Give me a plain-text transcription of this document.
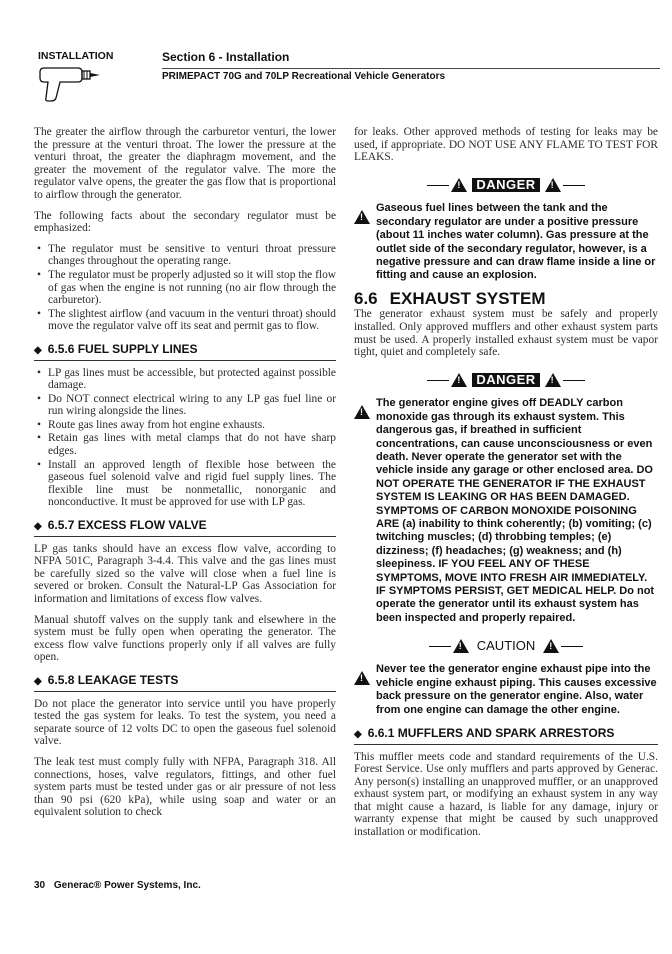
INSTALLATION	Section 6 - Installation
PRIMEPACT 70G and 70LP Recreational Vehicle Generators

The greater the airflow through the carburetor venturi, the lower the pressure at the venturi throat. The lower the pressure at the venturi throat, the greater the diaphragm movement, and the greater the movement of the regulator valve. The more the regulator valve opens, the greater the gas flow that is proportional to airflow through the generator.

The following facts about the secondary regulator must be emphasized:

• The regulator must be sensitive to venturi throat pressure changes throughout the operating range.
• The regulator must be properly adjusted so it will stop the flow of gas when the engine is not running (no air flow through the carburetor).
• The slightest airflow (and vacuum in the venturi throat) should move the regulator valve off its seat and permit gas to flow.
◆ 6.5.6 FUEL SUPPLY LINES
• LP gas lines must be accessible, but protected against possible damage.
• Do NOT connect electrical wiring to any LP gas fuel line or run wiring alongside the lines.
• Route gas lines away from hot engine exhausts.
• Retain gas lines with metal clamps that do not have sharp edges.
• Install an approved length of flexible hose between the gaseous fuel solenoid valve and rigid fuel supply lines. The flexible line must be nonmetallic, nonorganic and nonconductive. It must be approved for use with LP gas.
◆ 6.5.7 EXCESS FLOW VALVE

LP gas tanks should have an excess flow valve, according to NFPA 501C, Paragraph 3-4.4. This valve and the gas lines must be carefully sized so the valve will close when a fuel line is severed or broken. Consult the Natural-LP Gas Association for information and limitations of excess flow valves.

Manual shutoff valves on the supply tank and elsewhere in the system must be fully open when operating the generator. The excess flow valve functions properly only if all valves are fully open.

◆ 6.5.8 LEAKAGE TESTS

Do not place the generator into service until you have properly tested the gas system for leaks. To test the system, you need a separate source of 12 volts DC to open the gaseous fuel solenoid valve.

The leak test must comply fully with NFPA, Paragraph 318. All connections, hoses, valve regulators, fittings, and other fuel system parts must be tested under gas or air pressure of not less than 90 psi (620 kPa), while using soap and water or an equivalent solution to check

for leaks. Other approved methods of testing for leaks may be used, if appropriate. DO NOT USE ANY FLAME TO TEST FOR LEAKS.

!
DANGER
!
!
Gaseous fuel lines between the tank and the secondary regulator are under a positive pressure (about 11 inches water column). Gas pressure at the outlet side of the secondary regulator, however, is a negative pressure and can draw flame inside a line or fitting and cause an explosion.
6.6 EXHAUST SYSTEM

The generator exhaust system must be safely and properly installed. Only approved mufflers and other exhaust system parts must be used. A properly installed exhaust system must be vapor tight, quiet and completely safe.

!
DANGER
!
!
The generator engine gives off DEADLY carbon monoxide gas through its exhaust system. This dangerous gas, if breathed in sufficient concentrations, can cause unconsciousness or even death. Never operate the generator set with the vehicle inside any garage or other enclosed area. DO NOT OPERATE THE GENERATOR IF THE EXHAUST SYSTEM IS LEAKING OR HAS BEEN DAMAGED. SYMPTOMS OF CARBON MONOXIDE POISONING ARE (a) inability to think coherently; (b) vomiting; (c) twitching muscles; (d) throbbing temples; (e) dizziness; (f) headaches; (g) weakness; and (h) sleepiness. IF YOU FEEL ANY OF THESE SYMPTOMS, MOVE INTO FRESH AIR IMMEDIATELY. IF SYMPTOMS PERSIST, GET MEDICAL HELP. Do not operate the generator until its exhaust system has been inspected and properly repaired.
!
CAUTION
!
!
Never tee the generator engine exhaust pipe into the vehicle engine exhaust piping. This causes excessive back pressure on the generator engine. Also, water from one engine can damage the other engine.
◆ 6.6.1 MUFFLERS AND SPARK ARRESTORS

This muffler meets code and standard requirements of the U.S. Forest Service. Use only mufflers and parts approved by Generac. Any person(s) installing an unapproved muffler, or an unapproved exhaust system part, or modifying an exhaust system in any way that might cause a hazard, is liable for any damage, injury or warranty expense that might be caused by such unapproved installation or modification.

30 Generac® Power Systems, Inc.
